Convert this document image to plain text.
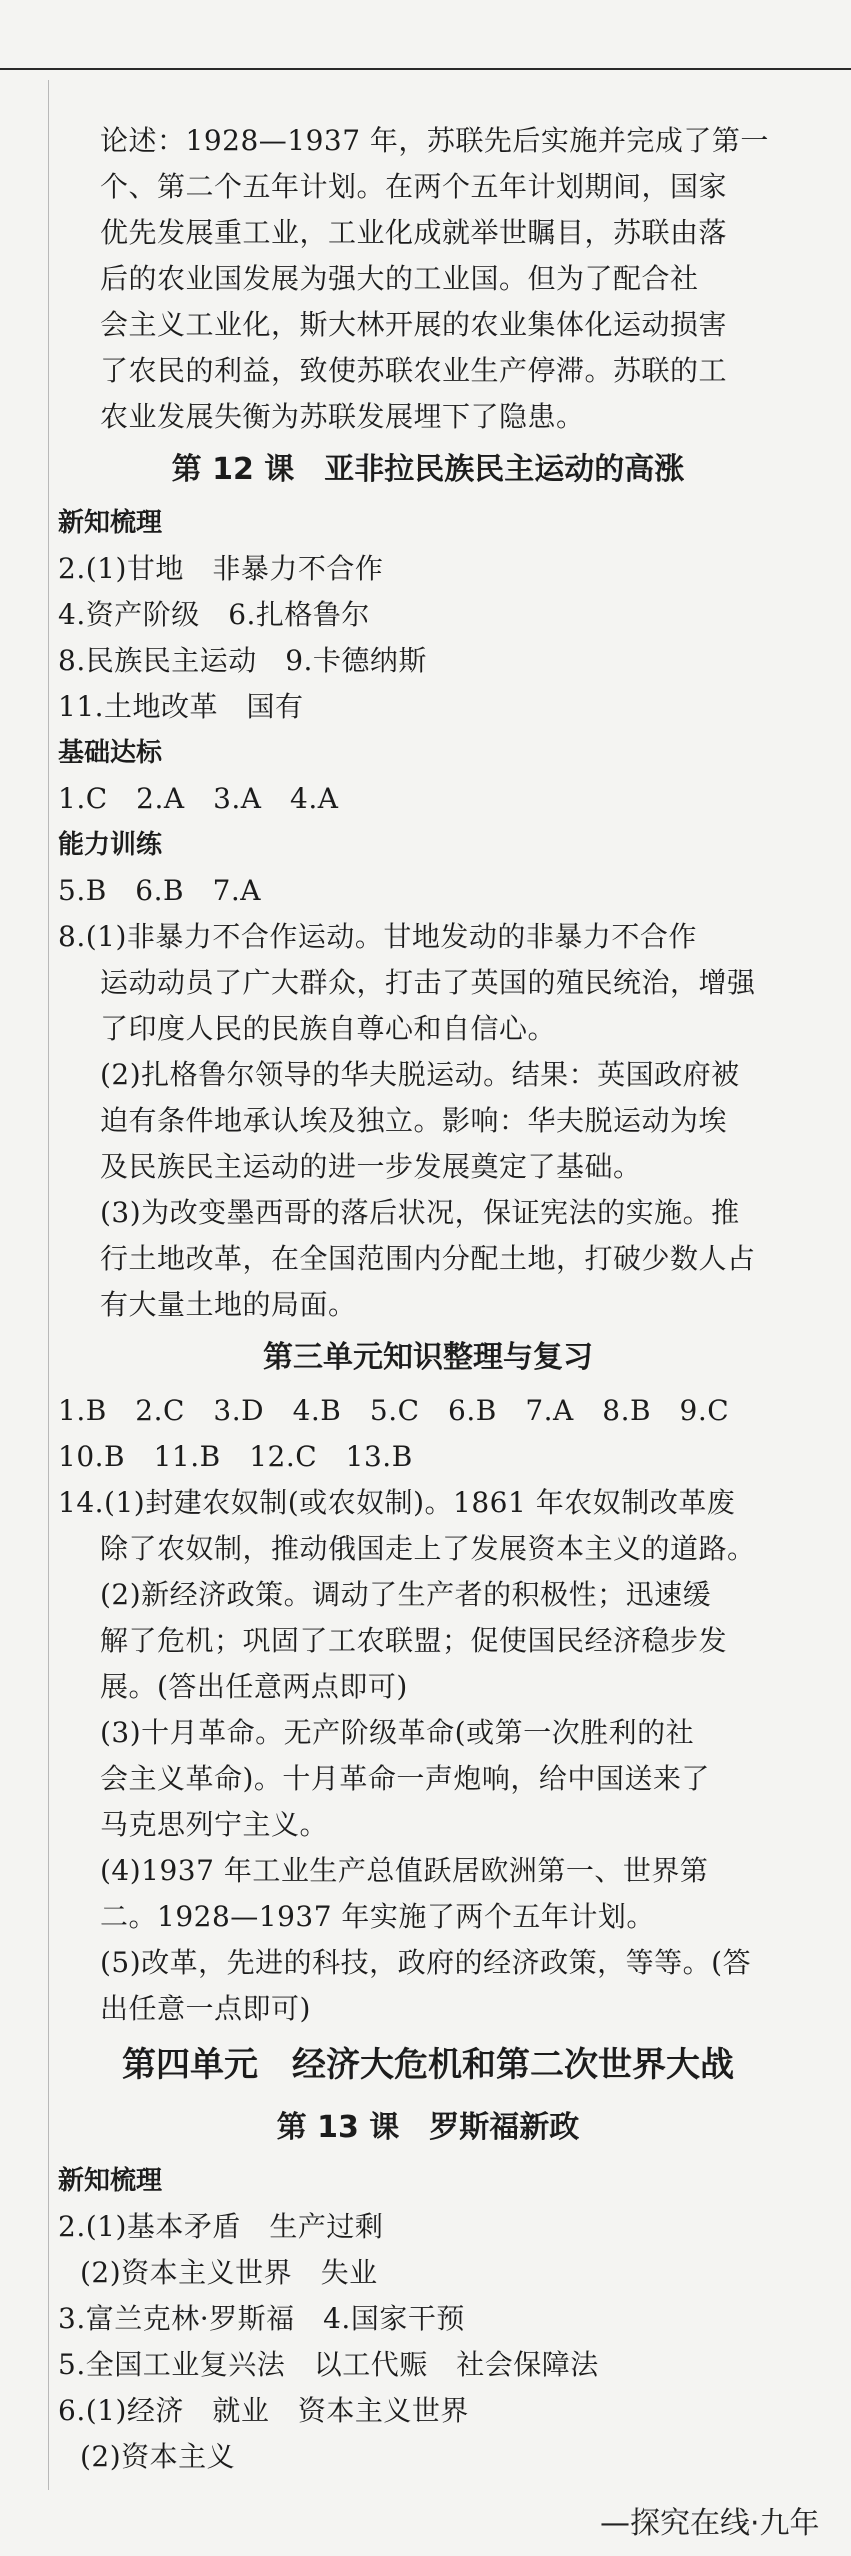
论述：1928—1937 年，苏联先后实施并完成了第一
个、第二个五年计划。在两个五年计划期间，国家
优先发展重工业，工业化成就举世瞩目，苏联由落
后的农业国发展为强大的工业国。但为了配合社
会主义工业化，斯大林开展的农业集体化运动损害
了农民的利益，致使苏联农业生产停滞。苏联的工
农业发展失衡为苏联发展埋下了隐患。
第 12 课　亚非拉民族民主运动的高涨
新知梳理
2.(1)甘地　非暴力不合作
4.资产阶级　6.扎格鲁尔
8.民族民主运动　9.卡德纳斯
11.土地改革　国有
基础达标
1.C　2.A　3.A　4.A
能力训练
5.B　6.B　7.A
8.(1)非暴力不合作运动。甘地发动的非暴力不合作
运动动员了广大群众，打击了英国的殖民统治，增强
了印度人民的民族自尊心和自信心。
(2)扎格鲁尔领导的华夫脱运动。结果：英国政府被
迫有条件地承认埃及独立。影响：华夫脱运动为埃
及民族民主运动的进一步发展奠定了基础。
(3)为改变墨西哥的落后状况，保证宪法的实施。推
行土地改革，在全国范围内分配土地，打破少数人占
有大量土地的局面。
第三单元知识整理与复习
1.B　2.C　3.D　4.B　5.C　6.B　7.A　8.B　9.C
10.B　11.B　12.C　13.B
14.(1)封建农奴制(或农奴制)。1861 年农奴制改革废
除了农奴制，推动俄国走上了发展资本主义的道路。
(2)新经济政策。调动了生产者的积极性；迅速缓
解了危机；巩固了工农联盟；促使国民经济稳步发
展。(答出任意两点即可)
(3)十月革命。无产阶级革命(或第一次胜利的社
会主义革命)。十月革命一声炮响，给中国送来了
马克思列宁主义。
(4)1937 年工业生产总值跃居欧洲第一、世界第
二。1928—1937 年实施了两个五年计划。
(5)改革，先进的科技，政府的经济政策，等等。(答
出任意一点即可)
第四单元　经济大危机和第二次世界大战
第 13 课　罗斯福新政
新知梳理
2.(1)基本矛盾　生产过剩
(2)资本主义世界　失业
3.富兰克林·罗斯福　4.国家干预
5.全国工业复兴法　以工代赈　社会保障法
6.(1)经济　就业　资本主义世界
(2)资本主义
—探究在线·九年
